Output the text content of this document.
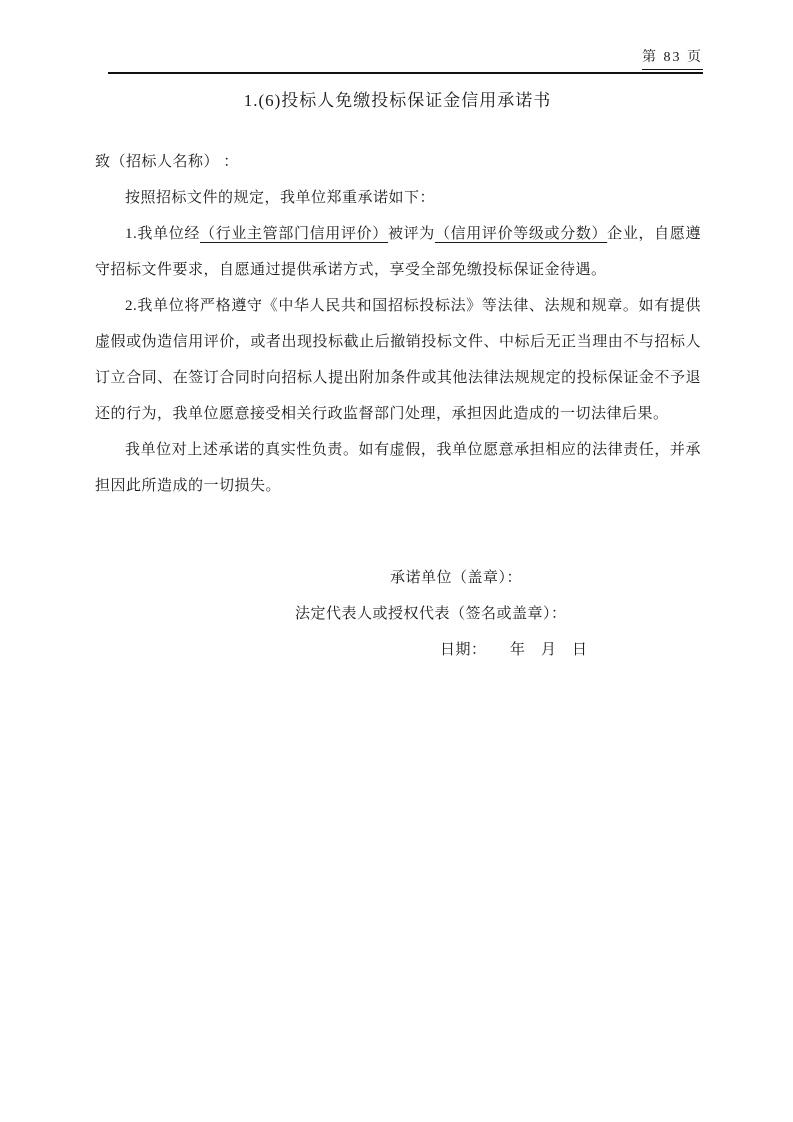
第 83 页
1.(6)投标人免缴投标保证金信用承诺书

致（招标人名称） ：

按照招标文件的规定，我单位郑重承诺如下：

1.我单位经（行业主管部门信用评价）被评为（信用评价等级或分数）企业，自愿遵守招标文件要求，自愿通过提供承诺方式，享受全部免缴投标保证金待遇。

2.我单位将严格遵守《中华人民共和国招标投标法》等法律、法规和规章。如有提供虚假或伪造信用评价，或者出现投标截止后撤销投标文件、中标后无正当理由不与招标人订立合同、在签订合同时向招标人提出附加条件或其他法律法规规定的投标保证金不予退还的行为，我单位愿意接受相关行政监督部门处理，承担因此造成的一切法律后果。

我单位对上述承诺的真实性负责。如有虚假，我单位愿意承担相应的法律责任，并承担因此所造成的一切损失。

承诺单位（盖章）：

法定代表人或授权代表（签名或盖章）：

日期：　　年　月　日
